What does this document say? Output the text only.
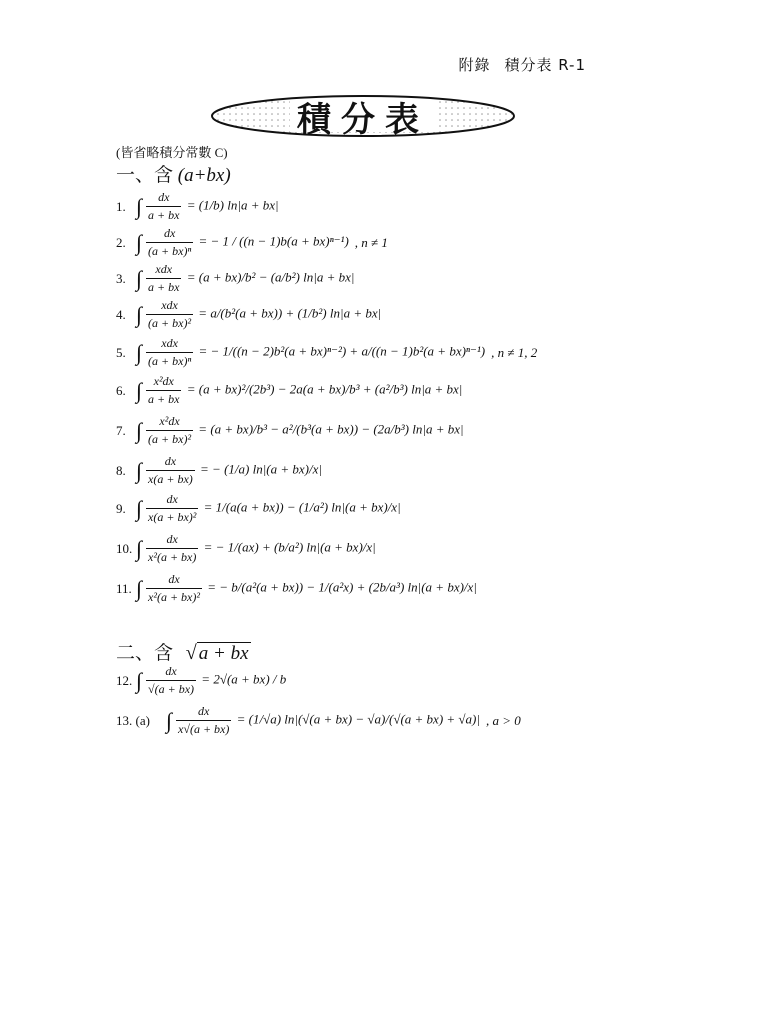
附錄 積分表 R-1
積分表
(皆省略積分常數 C)
一、含 (a+bx)
二、含 √ a + bx
1. ∫ $\frac{dx}{a + bx} = (1/b) \ln|a + bx|$
2. ∫ $\frac{dx}{\text{(a + bx)ⁿ}}$ = − 1 / ((n − 1)b(a + bx)ⁿ⁻¹) , n ≠ 1
3. ∫ $\frac{\text{xdx}}{a + bx} = (a + bx)/b^2 - (a/b^2) \ln|a + bx|$
4. ∫ $\frac{\text{xdx}}{\text{(a + bx)²}} = a/(b^2(a + bx)) + (1/b^2) \ln|a + bx|$
5. ∫ $\frac{\text{xdx}}{\text{(a + bx)ⁿ}}$ = − 1/((n − 2)b²(a + bx)ⁿ⁻²) + a/((n − 1)b²(a + bx)ⁿ⁻¹) , n ≠ 1, 2
6. ∫ $\frac{\text{x²dx}}{a + bx} = (a + bx)^2/(2b^3) - 2a(a + bx)/b^3 + (a^2/b^3) \ln|a + bx|$
7. ∫ $\frac{\text{x²dx}}{\text{(a + bx)²}} = (a + bx)/b^3 - a^2/(b^3(a + bx)) - (2a/b^3) \ln|a + bx|$
8. ∫ $\frac{dx}{x(a + bx)}$ = − (1/a) ln|(a + bx)/x|
9. ∫ $\frac{dx}{\text{x(a + bx)²}} = 1/(a(a + bx)) - (1/a^2) \ln|(a + bx)/x|$
10. ∫ $\frac{dx}{\text{x²(a + bx)}}$ = − 1/(ax) + (b/a²) ln|(a + bx)/x|
11. ∫ $\frac{dx}{\text{x²(a + bx)²}}$ = − b/(a²(a + bx)) − 1/(a²x) + (2b/a³) ln|(a + bx)/x|
12. ∫ $\frac{dx}{√(a + bx)} = 2√(a + bx) / b$
13. (a) ∫ $\frac{dx}{x√(a + bx)} = (1/√a) \ln|(√(a + bx) - √a)/(√(a + bx) + √a)|$ , a > 0
